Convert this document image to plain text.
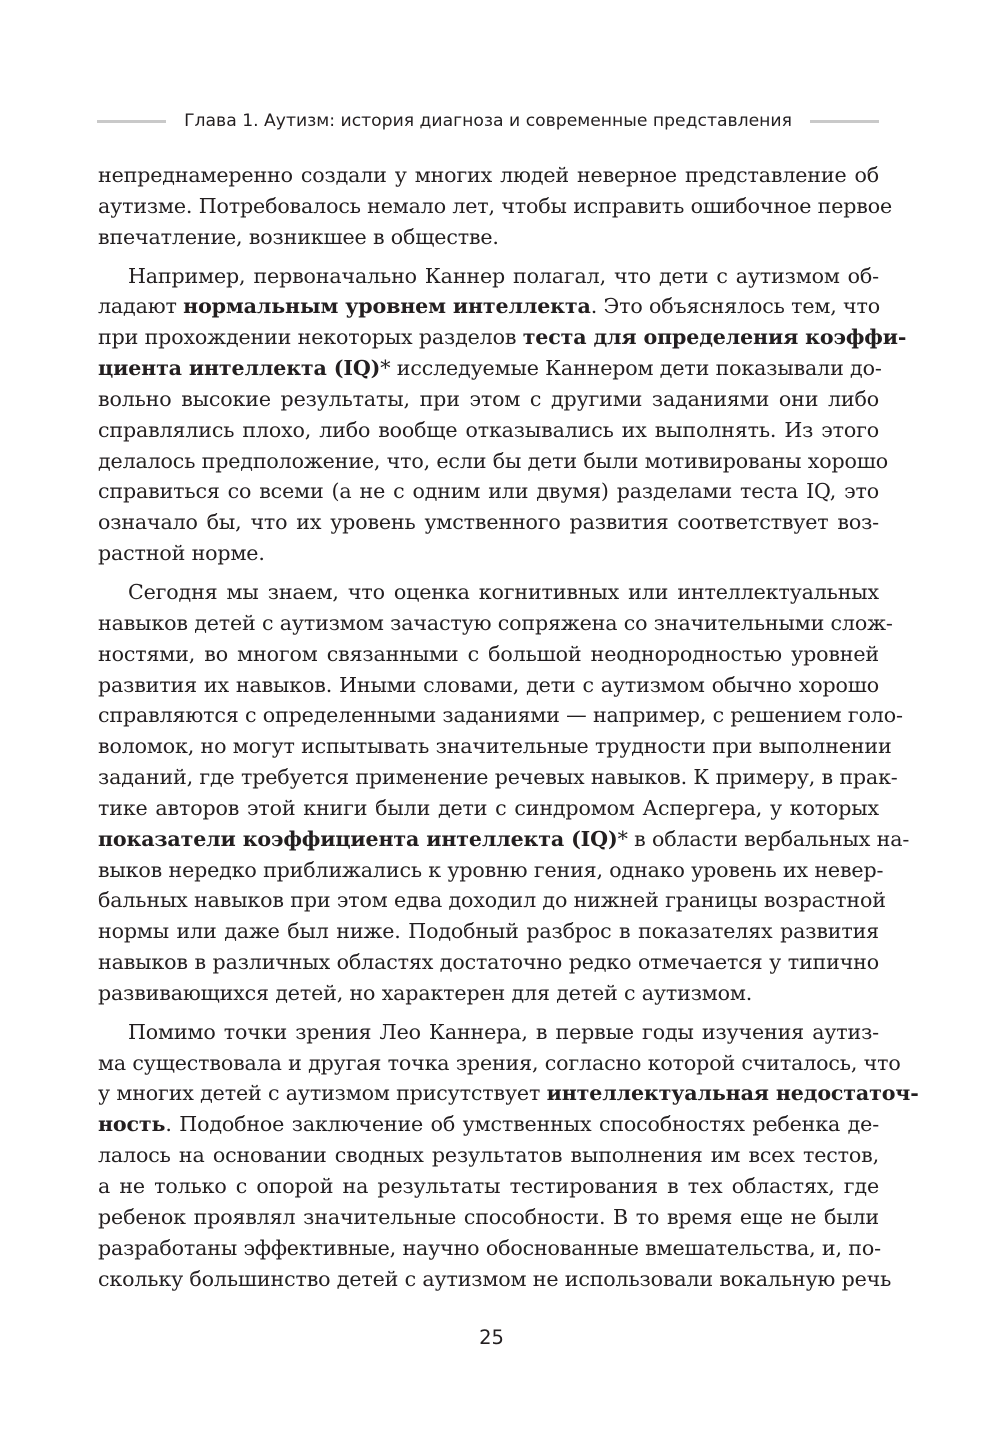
Глава 1. Аутизм: история диагноза и современные представления
непреднамеренно создали у многих людей неверное представление об
аутизме. Потребовалось немало лет, чтобы исправить ошибочное первое
впечатление, возникшее в обществе.
Например, первоначально Каннер полагал, что дети с аутизмом об-
ладают нормальным уровнем интеллекта. Это объяснялось тем, что
при прохождении некоторых разделов теста для определения коэффи-
циента интеллекта (IQ)* исследуемые Каннером дети показывали до-
вольно высокие результаты, при этом с другими заданиями они либо
справлялись плохо, либо вообще отказывались их выполнять. Из этого
делалось предположение, что, если бы дети были мотивированы хорошо
справиться со всеми (а не с одним или двумя) разделами теста IQ, это
означало бы, что их уровень умственного развития соответствует воз-
растной норме.
Сегодня мы знаем, что оценка когнитивных или интеллектуальных
навыков детей с аутизмом зачастую сопряжена со значительными слож-
ностями, во многом связанными с большой неоднородностью уровней
развития их навыков. Иными словами, дети с аутизмом обычно хорошо
справляются с определенными заданиями — например, с решением голо-
воломок, но могут испытывать значительные трудности при выполнении
заданий, где требуется применение речевых навыков. К примеру, в прак-
тике авторов этой книги были дети с синдромом Аспергера, у которых
показатели коэффициента интеллекта (IQ)* в области вербальных на-
выков нередко приближались к уровню гения, однако уровень их невер-
бальных навыков при этом едва доходил до нижней границы возрастной
нормы или даже был ниже. Подобный разброс в показателях развития
навыков в различных областях достаточно редко отмечается у типично
развивающихся детей, но характерен для детей с аутизмом.
Помимо точки зрения Лео Каннера, в первые годы изучения аутиз-
ма существовала и другая точка зрения, согласно которой считалось, что
у многих детей с аутизмом присутствует интеллектуальная недостаточ-
ность. Подобное заключение об умственных способностях ребенка де-
лалось на основании сводных результатов выполнения им всех тестов,
а не только с опорой на результаты тестирования в тех областях, где
ребенок проявлял значительные способности. В то время еще не были
разработаны эффективные, научно обоснованные вмешательства, и, по-
скольку большинство детей с аутизмом не использовали вокальную речь
25
